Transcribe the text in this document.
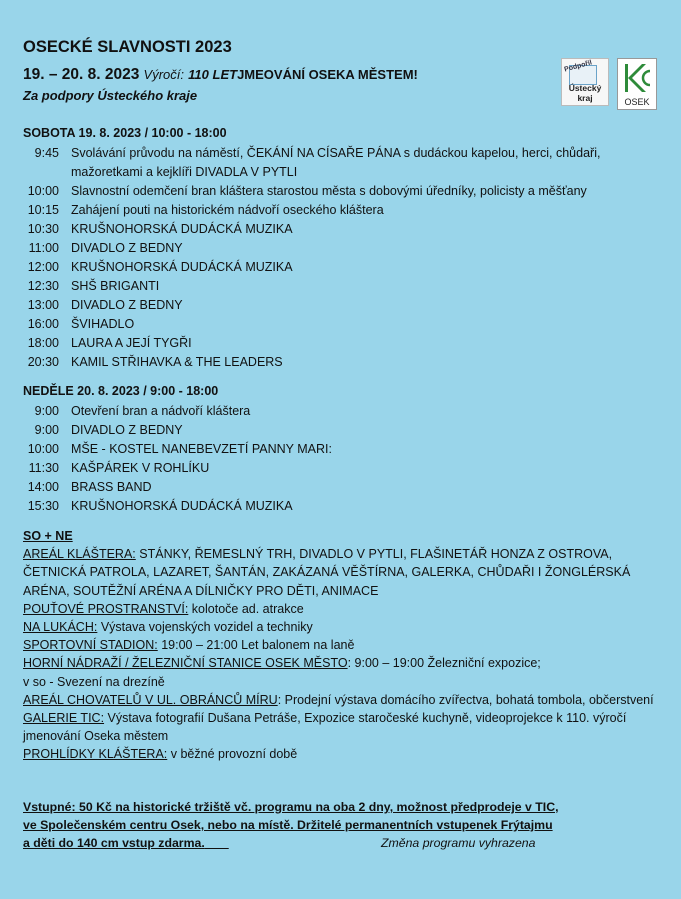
OSECKÉ SLAVNOSTI 2023
19. – 20. 8. 2023 Výročí: 110 LETJMEOVÁNÍ OSEKA MĚSTEM!
Za podpory Ústeckého kraje
Podpořil
Ústecký kraj	OSEK
SOBOTA 19. 8. 2023 / 10:00 - 18:00
9:45 Svolávání průvodu na náměstí, ČEKÁNÍ NA CÍSAŘE PÁNA s dudáckou kapelou, herci, chůdaři,
mažoretkami a kejklíři DIVADLA V PYTLI
10:00 Slavnostní odemčení bran kláštera starostou města s dobovými úředníky, policisty a měšťany
10:15 Zahájení pouti na historickém nádvoří oseckého kláštera
10:30 KRUŠNOHORSKÁ DUDÁCKÁ MUZIKA
11:00 DIVADLO Z BEDNY
12:00 KRUŠNOHORSKÁ DUDÁCKÁ MUZIKA
12:30 SHŠ BRIGANTI
13:00 DIVADLO Z BEDNY
16:00 ŠVIHADLO
18:00 LAURA A JEJÍ TYGŘI
20:30 KAMIL STŘIHAVKA & THE LEADERS
NEDĚLE 20. 8. 2023 / 9:00 - 18:00
9:00 Otevření bran a nádvoří kláštera
9:00 DIVADLO Z BEDNY
10:00 MŠE - KOSTEL NANEBEVZETÍ PANNY MARI:
11:30 KAŠPÁREK V ROHLÍKU
14:00 BRASS BAND
15:30 KRUŠNOHORSKÁ DUDÁCKÁ MUZIKA

SO + NE

AREÁL KLÁŠTERA: STÁNKY, ŘEMESLNÝ TRH, DIVADLO V PYTLI, FLAŠINETÁŘ HONZA Z OSTROVA, ČETNICKÁ PATROLA, LAZARET, ŠANTÁN, ZAKÁZANÁ VĚŠTÍRNA, GALERKA, CHŮDAŘI I ŽONGLÉRSKÁ ARÉNA, SOUTĚŽNÍ ARÉNA A DÍLNIČKY PRO DĚTI, ANIMACE

POUŤOVÉ PROSTRANSTVÍ: kolotoče ad. atrakce

NA LUKÁCH: Výstava vojenských vozidel a techniky

SPORTOVNÍ STADION: 19:00 – 21:00 Let balonem na laně

HORNÍ NÁDRAŽÍ / ŽELEZNIČNÍ STANICE OSEK MĚSTO: 9:00 – 19:00 Železniční expozice;

v so - Svezení na drezíně

AREÁL CHOVATELŮ V UL. OBRÁNCŮ MÍRU: Prodejní výstava domácího zvířectva, bohatá tombola, občerstvení

GALERIE TIC: Výstava fotografií Dušana Petráše, Expozice staročeské kuchyně, videoprojekce k 110. výročí jmenování Oseka městem

PROHLÍDKY KLÁŠTERA: v běžné provozní době

Vstupné: 50 Kč na historické tržiště vč. programu na oba 2 dny, možnost předprodeje v TIC,
ve Společenském centru Osek, nebo na místě. Držitelé permanentních vstupenek Frýtajmu
a děti do 140 cm vstup zdarma.	Změna programu vyhrazena
